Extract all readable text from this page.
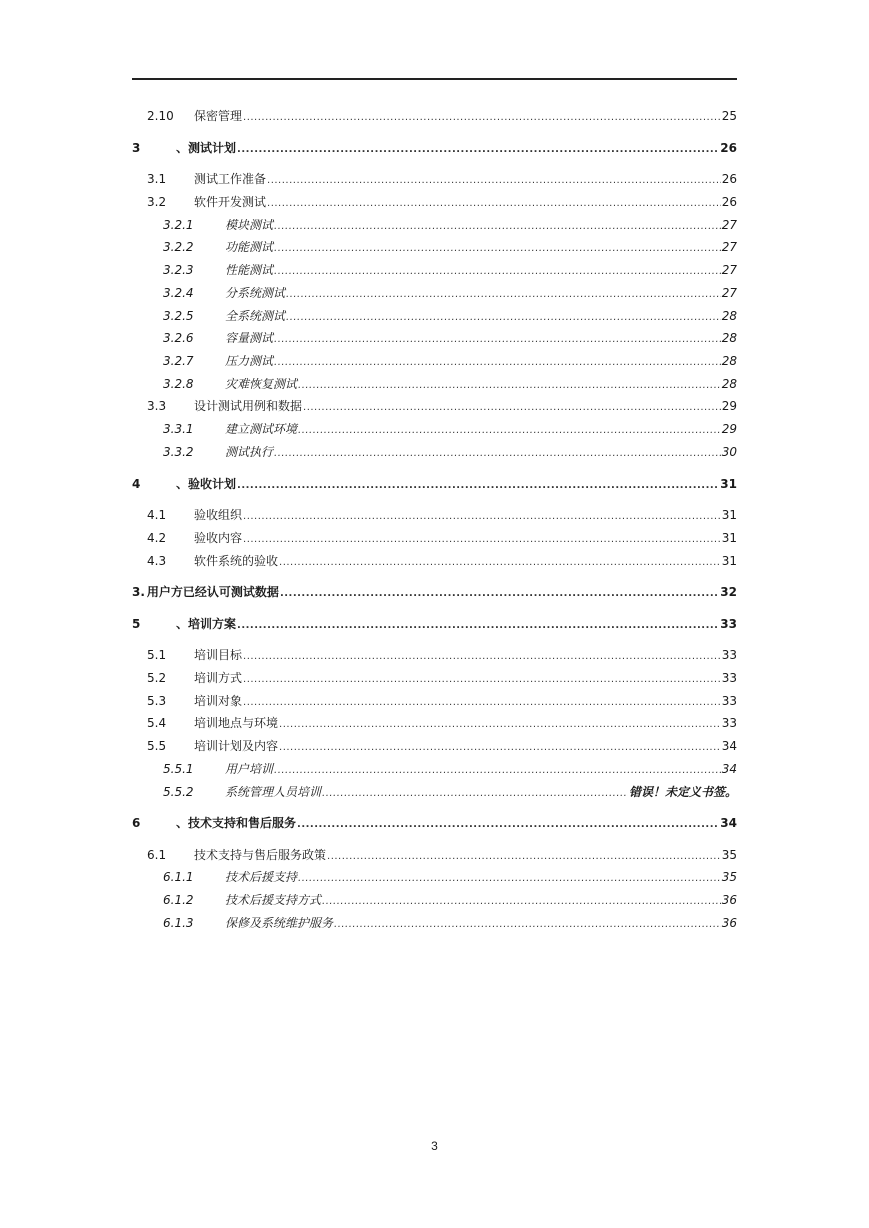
2.10	保密管理 .....	25
3	、测试计划 .....	26
3.1	测试工作准备 .....	26
3.2	软件开发测试 .....	26
3.2.1	模块测试 .....	27
3.2.2	功能测试 .....	27
3.2.3	性能测试 .....	27
3.2.4	分系统测试 .....	27
3.2.5	全系统测试 .....	28
3.2.6	容量测试 .....	28
3.2.7	压力测试 .....	28
3.2.8	灾难恢复测试 .....	28
3.3	设计测试用例和数据 .....	29
3.3.1	建立测试环境 .....	29
3.3.2	测试执行 .....	30
4	、验收计划 .....	31
4.1	验收组织 .....	31
4.2	验收内容 .....	31
4.3	软件系统的验收 .....	31
3. 用户方已经认可测试数据 .....	32
5	、培训方案 .....	33
5.1	培训目标 .....	33
5.2	培训方式 .....	33
5.3	培训对象 .....	33
5.4	培训地点与环境 .....	33
5.5	培训计划及内容 .....	34
5.5.1	用户培训 .....	34
5.5.2	系统管理人员培训 .....	错误！未定义书签。
6	、技术支持和售后服务 .....	34
6.1	技术支持与售后服务政策 .....	35
6.1.1	技术后援支持 .....	35
6.1.2	技术后援支持方式 .....	36
6.1.3	保修及系统维护服务 .....	36
3
